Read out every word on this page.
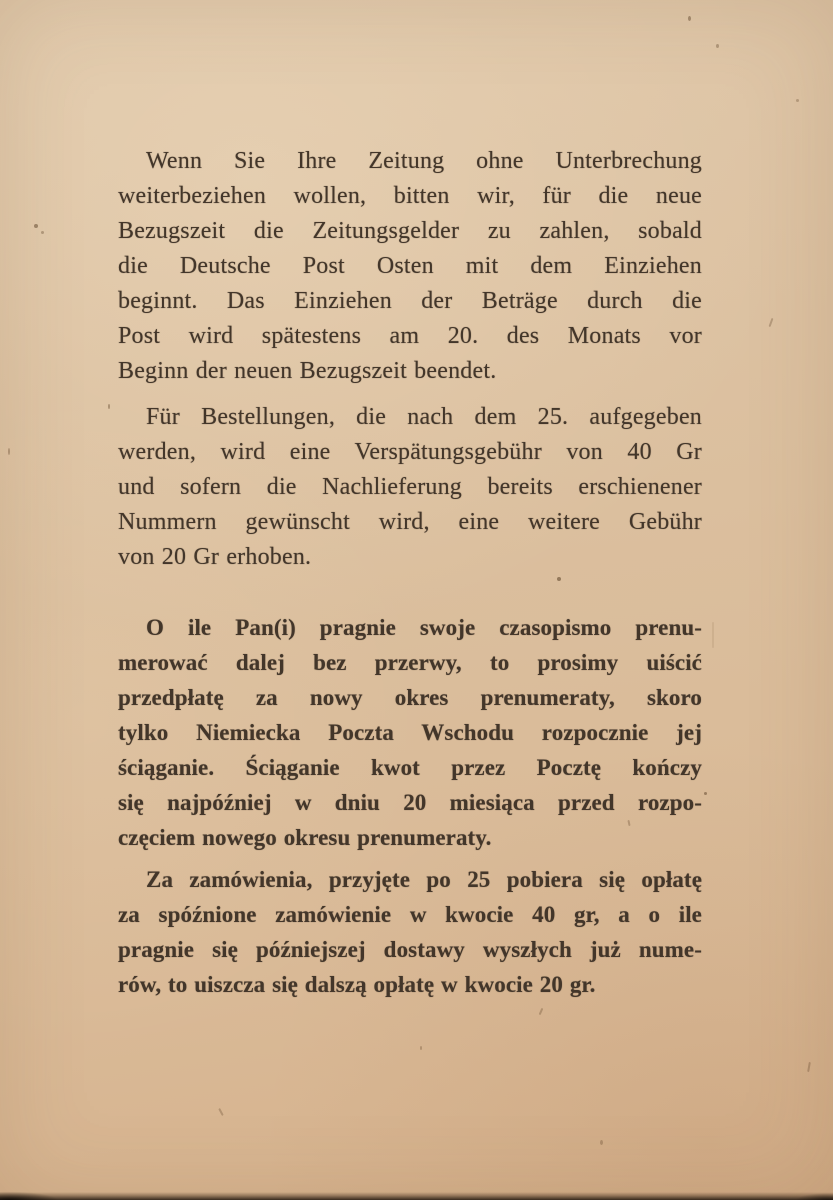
Wenn Sie Ihre Zeitung ohne Unterbrechung
weiterbeziehen wollen, bitten wir, für die neue
Bezugszeit die Zeitungsgelder zu zahlen, sobald
die Deutsche Post Osten mit dem Einziehen
beginnt. Das Einziehen der Beträge durch die
Post wird spätestens am 20. des Monats vor
Beginn der neuen Bezugszeit beendet.
Für Bestellungen, die nach dem 25. aufgegeben
werden, wird eine Verspätungsgebühr von 40 Gr
und sofern die Nachlieferung bereits erschienener
Nummern gewünscht wird, eine weitere Gebühr
von 20 Gr erhoben.
O ile Pan(i) pragnie swoje czasopismo prenu-
merować dalej bez przerwy, to prosimy uiścić
przedpłatę za nowy okres prenumeraty, skoro
tylko Niemiecka Poczta Wschodu rozpocznie jej
ściąganie. Ściąganie kwot przez Pocztę kończy
się najpóźniej w dniu 20 miesiąca przed rozpo-
częciem nowego okresu prenumeraty.
Za zamówienia, przyjęte po 25 pobiera się opłatę
za spóźnione zamówienie w kwocie 40 gr, a o ile
pragnie się późniejszej dostawy wyszłych już nume-
rów, to uiszcza się dalszą opłatę w kwocie 20 gr.
